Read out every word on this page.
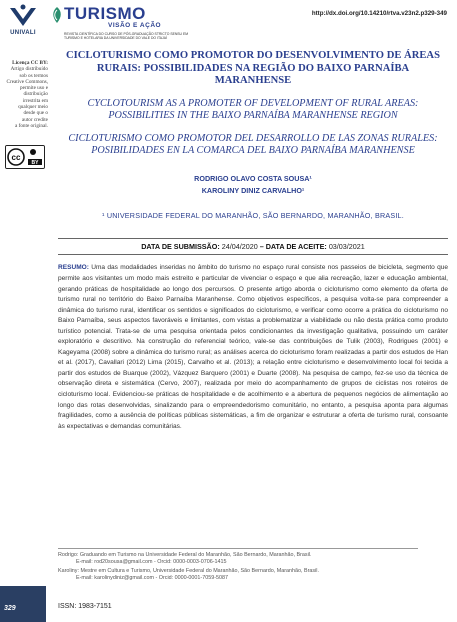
UNIVALI
Licença CC BY:
Artigo distribuído
sob os termos
Creative Commons,
permite uso e
distribuição
irrestrita em
qualquer meio
desde que o
autor credite
a fonte original.
cc
BY
329
TURISMO
VISÃO E AÇÃO
REVISTA CIENTÍFICA DO CURSO DE PÓS-GRADUAÇÃO STRICTO SENSU EM
TURISMO E HOTELARIA DA UNIVERSIDADE DO VALE DO ITAJAÍ
http://dx.doi.org/10.14210/rtva.v23n2.p329-349

CICLOTURISMO COMO PROMOTOR DO DESENVOLVIMENTO DE ÁREAS RURAIS: POSSIBILIDADES NA REGIÃO DO BAIXO PARNAÍBA MARANHENSE

CYCLOTOURISM AS A PROMOTER OF DEVELOPMENT OF RURAL AREAS: POSSIBILITIES IN THE BAIXO PARNAÍBA MARANHENSE REGION

CICLOTURISMO COMO PROMOTOR DEL DESARROLLO DE LAS ZONAS RURALES: POSIBILIDADES EN LA COMARCA DEL BAIXO PARNAÍBA MARANHENSE

RODRIGO OLAVO COSTA SOUSA¹
KAROLINY DINIZ CARVALHO¹
¹ UNIVERSIDADE FEDERAL DO MARANHÃO, SÃO BERNARDO, MARANHÃO, BRASIL.
DATA DE SUBMISSÃO: 24/04/2020 – DATA DE ACEITE: 03/03/2021
RESUMO: Uma das modalidades inseridas no âmbito do turismo no espaço rural consiste nos passeios de bicicleta, segmento que permite aos visitantes um modo mais estreito e particular de vivenciar o espaço e que alia recreação, lazer e educação ambiental, gerando práticas de hospitalidade ao longo dos percursos. O presente artigo aborda o cicloturismo como elemento da oferta de turismo rural no território do Baixo Parnaíba Maranhense. Como objetivos específicos, a pesquisa volta-se para compreender a dinâmica do turismo rural, identificar os sentidos e significados do cicloturismo, e verificar como ocorre a prática do cicloturismo no Baixo Parnaíba, seus aspectos favoráveis e limitantes, com vistas a problematizar a viabilidade ou não desta prática como produto turístico potencial. Trata-se de uma pesquisa orientada pelos condicionantes da investigação qualitativa, possuindo um caráter exploratório e descritivo. Na construção do referencial teórico, vale-se das contribuições de Tulik (2003), Rodrigues (2001) e Kageyama (2008) sobre a dinâmica do turismo rural; as análises acerca do cicloturismo foram realizadas a partir dos estudos de Han et al. (2017), Cavallari (2012) Lima (2015), Carvalho et al. (2013); a relação entre cicloturismo e desenvolvimento local foi tecida a partir dos estudos de Buarque (2002), Vázquez Barquero (2001) e Duarte (2008). Na pesquisa de campo, fez-se uso da técnica de observação direta e sistemática (Cervo, 2007), realizada por meio do acompanhamento de grupos de ciclistas nos roteiros de cicloturismo local. Evidenciou-se práticas de hospitalidade e de acolhimento e a abertura de pequenos negócios de alimentação ao longo das rotas desenvolvidas, sinalizando para o empreendedorismo comunitário, no entanto, a pesquisa aponta para algumas fragilidades, como a ausência de políticas públicas sistemáticas, a fim de organizar e estruturar a oferta de turismo rural, consoante às expectativas e demandas comunitárias.

Rodrigo: Graduando em Turismo na Universidade Federal do Maranhão, São Bernardo, Maranhão, Brasil.
E-mail: rod20sousa@gmail.com - Orcid: 0000-0003-0706-1415

Karoliny: Mestre em Cultura e Turismo, Universidade Federal do Maranhão, São Bernardo, Maranhão, Brasil.
E-mail: karolinydiniz@gmail.com - Orcid: 0000-0001-7059-5087

ISSN: 1983-7151
